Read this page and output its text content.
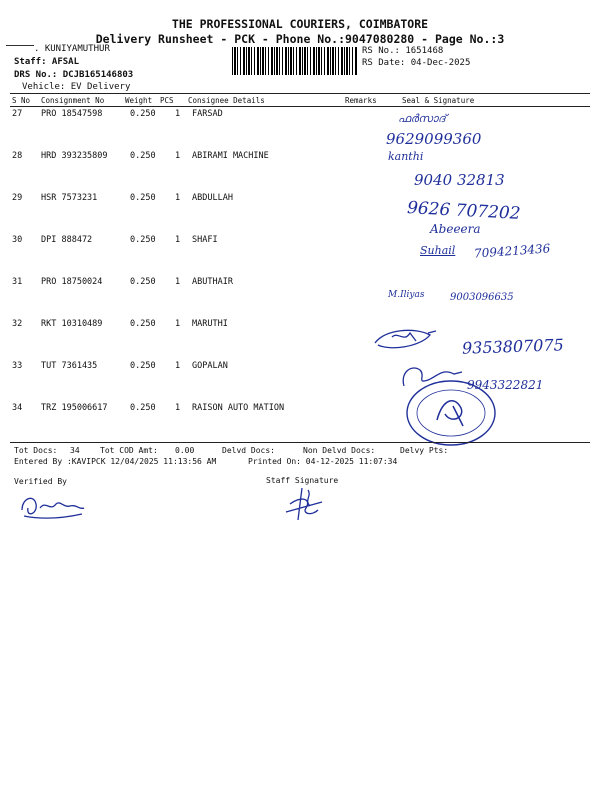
THE PROFESSIONAL COURIERS, COIMBATORE
Delivery Runsheet - PCK - Phone No.:9047080280 - Page No.:3
. KUNIYAMUTHUR
Staff: AFSAL
DRS No.: DCJB165146803
Vehicle: EV Delivery
RS No.: 1651468
RS Date: 04-Dec-2025
S No Consignment No	Weight PCS Consignee Details	Remarks	Seal & Signature
27 PRO 18547598	0.250 1 FARSAD
28 HRD 393235809	0.250 1 ABIRAMI MACHINE
29 HSR 7573231	0.250 1 ABDULLAH
30 DPI 888472	0.250 1 SHAFI
31 PRO 18750024	0.250 1 ABUTHAIR
32 RKT 10310489	0.250 1 MARUTHI
33 TUT 7361435	0.250 1 GOPALAN
34 TRZ 195006617	0.250 1 RAISON AUTO MATION
ഫർസാദ്
9629099360
kanthi
9040 32813
9626 707202
Abeeera
Suhail 7094213436
M.Iliyas	9003096635
9353807075
9943322821
Tot Docs: 34	Tot COD Amt: 0.00	Delvd Docs:	Non Delvd Docs:	Delvy Pts:
Entered By :KAVIPCK 12/04/2025 11:13:56 AM	Printed On: 04-12-2025 11:07:34
Verified By	Staff Signature
